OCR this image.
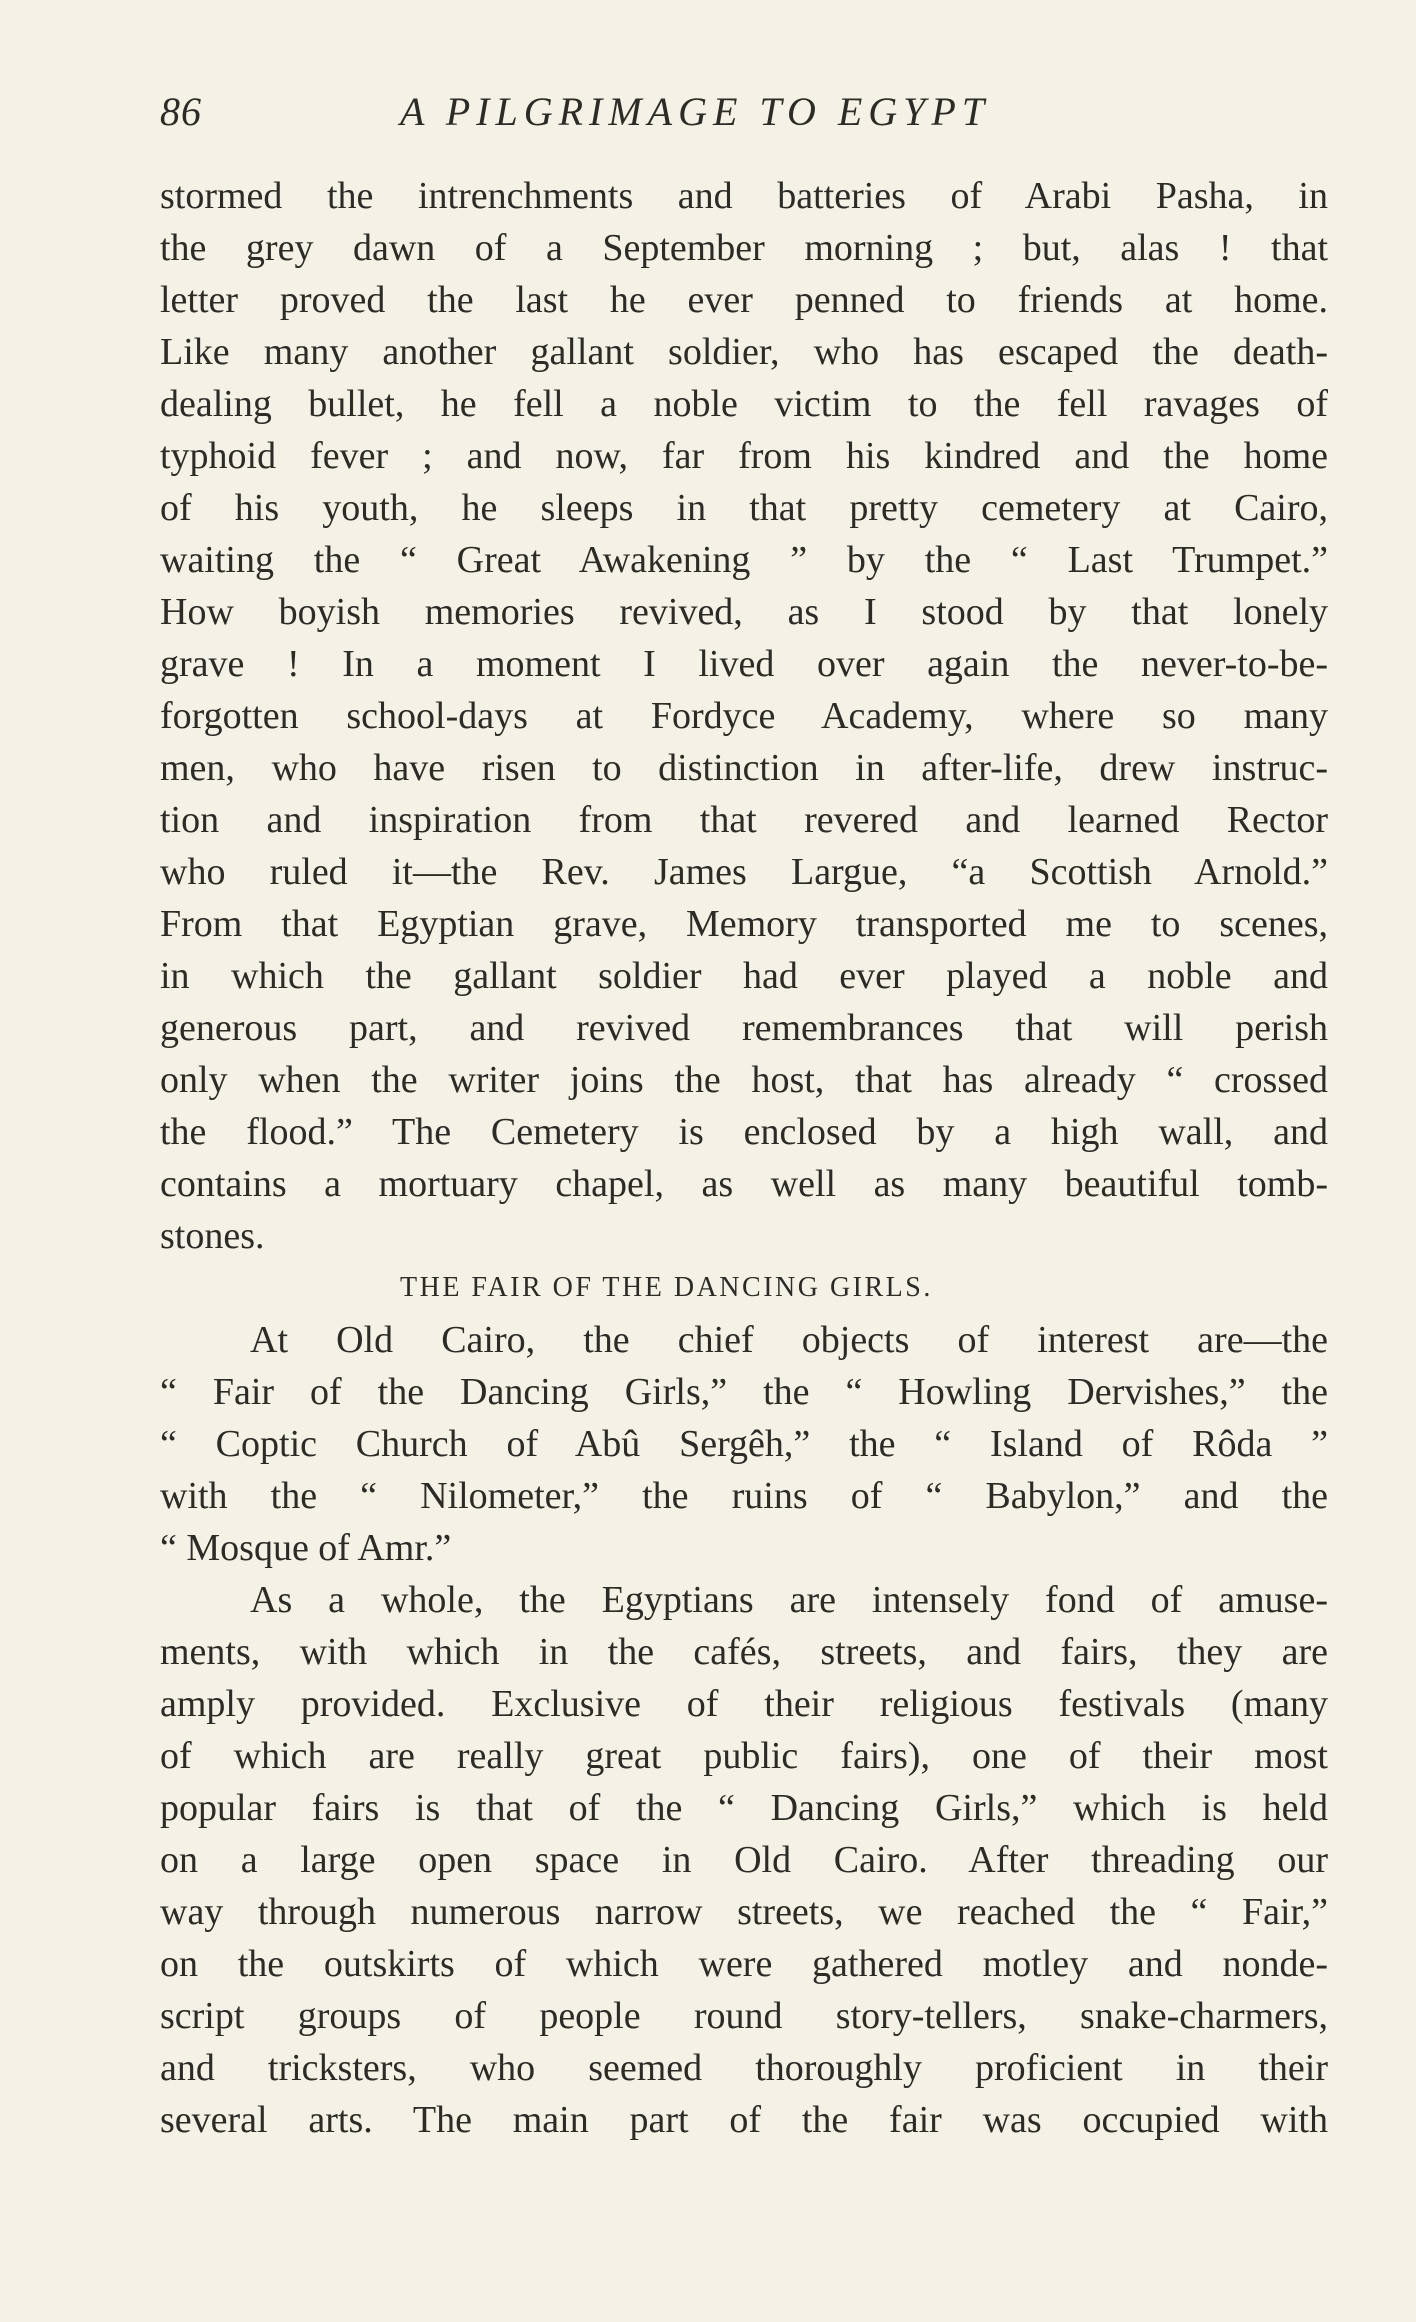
86	A PILGRIMAGE TO EGYPT
stormed the intrenchments and batteries of Arabi Pasha, in
the grey dawn of a September morning ; but, alas ! that
letter proved the last he ever penned to friends at home.
Like many another gallant soldier, who has escaped the death-
dealing bullet, he fell a noble victim to the fell ravages of
typhoid fever ; and now, far from his kindred and the home
of his youth, he sleeps in that pretty cemetery at Cairo,
waiting the “ Great Awakening ” by the “ Last Trumpet.”
How boyish memories revived, as I stood by that lonely
grave ! In a moment I lived over again the never-to-be-
forgotten school-days at Fordyce Academy, where so many
men, who have risen to distinction in after-life, drew instruc-
tion and inspiration from that revered and learned Rector
who ruled it—the Rev. James Largue, “a Scottish Arnold.”
From that Egyptian grave, Memory transported me to scenes,
in which the gallant soldier had ever played a noble and
generous part, and revived remembrances that will perish
only when the writer joins the host, that has already “ crossed
the flood.” The Cemetery is enclosed by a high wall, and
contains a mortuary chapel, as well as many beautiful tomb-
stones.
THE FAIR OF THE DANCING GIRLS.
At Old Cairo, the chief objects of interest are—the
“ Fair of the Dancing Girls,” the “ Howling Dervishes,” the
“ Coptic Church of Abû Sergêh,” the “ Island of Rôda ”
with the “ Nilometer,” the ruins of “ Babylon,” and the
“ Mosque of Amr.”
As a whole, the Egyptians are intensely fond of amuse-
ments, with which in the cafés, streets, and fairs, they are
amply provided. Exclusive of their religious festivals (many
of which are really great public fairs), one of their most
popular fairs is that of the “ Dancing Girls,” which is held
on a large open space in Old Cairo. After threading our
way through numerous narrow streets, we reached the “ Fair,”
on the outskirts of which were gathered motley and nonde-
script groups of people round story-tellers, snake-charmers,
and tricksters, who seemed thoroughly proficient in their
several arts. The main part of the fair was occupied with
